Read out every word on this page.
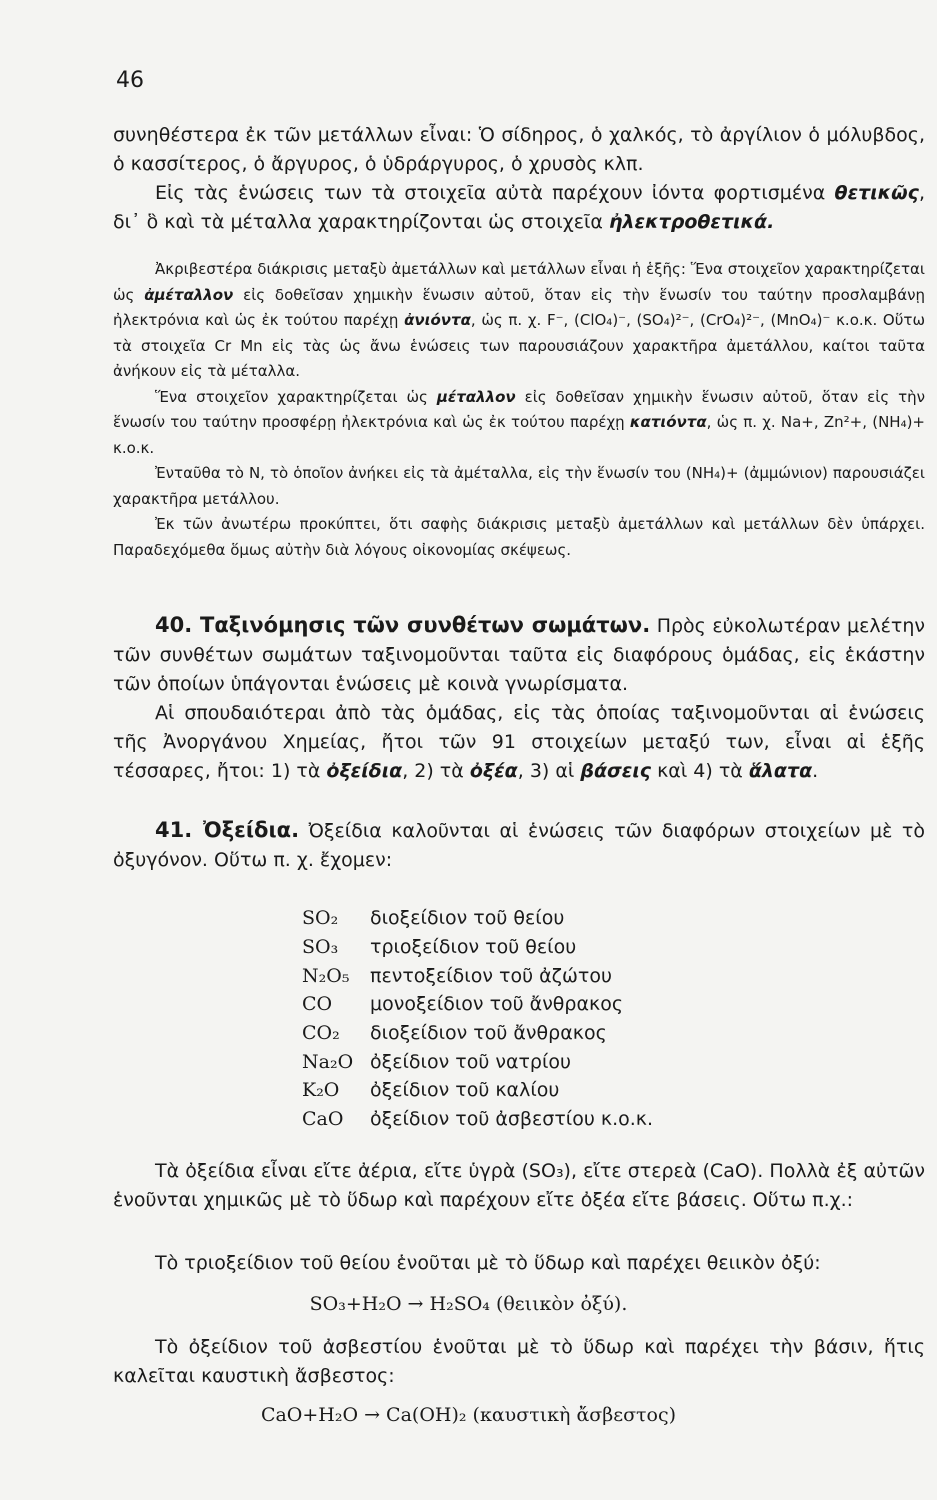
46

συνηθέστερα ἐκ τῶν μετάλλων εἶναι: Ὁ σίδηρος, ὁ χαλκός, τὸ ἀργίλιον ὁ μόλυβδος, ὁ κασσίτερος, ὁ ἄργυρος, ὁ ὑδράργυρος, ὁ χρυσὸς κλπ.

Εἰς τὰς ἑνώσεις των τὰ στοιχεῖα αὐτὰ παρέχουν ἰόντα φορτισμένα θετικῶς, δι᾽ ὃ καὶ τὰ μέταλλα χαρακτηρίζονται ὡς στοιχεῖα ἠλεκτροθετικά.

Ἀκριβεστέρα διάκρισις μεταξὺ ἀμετάλλων καὶ μετάλλων εἶναι ἡ ἑξῆς: Ἕνα στοιχεῖον χαρακτηρίζεται ὡς ἀμέταλλον εἰς δοθεῖσαν χημικὴν ἕνωσιν αὐτοῦ, ὅταν εἰς τὴν ἕνωσίν του ταύτην προσλαμβάνῃ ἠλεκτρόνια καὶ ὡς ἐκ τούτου παρέχῃ ἀνιόντα, ὡς π. χ. F⁻, (ClO₄)⁻, (SO₄)²⁻, (CrO₄)²⁻, (MnO₄)⁻ κ.ο.κ. Οὕτω τὰ στοιχεῖα Cr Mn εἰς τὰς ὡς ἄνω ἑνώσεις των παρουσιάζουν χαρακτῆρα ἀμετάλλου, καίτοι ταῦτα ἀνήκουν εἰς τὰ μέταλλα.

Ἕνα στοιχεῖον χαρακτηρίζεται ὡς μέταλλον εἰς δοθεῖσαν χημικὴν ἕνωσιν αὐτοῦ, ὅταν εἰς τὴν ἕνωσίν του ταύτην προσφέρῃ ἠλεκτρόνια καὶ ὡς ἐκ τούτου παρέχῃ κατιόντα, ὡς π. χ. Na+, Zn²+, (NH₄)+ κ.ο.κ.

Ἐνταῦθα τὸ N, τὸ ὁποῖον ἀνήκει εἰς τὰ ἀμέταλλα, εἰς τὴν ἕνωσίν του (NH₄)+ (ἀμμώνιον) παρουσιάζει χαρακτῆρα μετάλλου.

Ἐκ τῶν ἀνωτέρω προκύπτει, ὅτι σαφὴς διάκρισις μεταξὺ ἀμετάλλων καὶ μετάλλων δὲν ὑπάρχει. Παραδεχόμεθα ὅμως αὐτὴν διὰ λόγους οἰκονομίας σκέψεως.

40. Ταξινόμησις τῶν συνθέτων σωμάτων. Πρὸς εὐκολωτέραν μελέτην τῶν συνθέτων σωμάτων ταξινομοῦνται ταῦτα εἰς διαφόρους ὁμάδας, εἰς ἑκάστην τῶν ὁποίων ὑπάγονται ἑνώσεις μὲ κοινὰ γνωρίσματα.

Αἱ σπουδαιότεραι ἀπὸ τὰς ὁμάδας, εἰς τὰς ὁποίας ταξινομοῦνται αἱ ἑνώσεις τῆς Ἀνοργάνου Χημείας, ἤτοι τῶν 91 στοιχείων μεταξύ των, εἶναι αἱ ἑξῆς τέσσαρες, ἤτοι: 1) τὰ ὀξείδια, 2) τὰ ὀξέα, 3) αἱ βάσεις καὶ 4) τὰ ἅλατα.

41. Ὀξείδια. Ὀξείδια καλοῦνται αἱ ἑνώσεις τῶν διαφόρων στοιχείων μὲ τὸ ὀξυγόνον. Οὕτω π. χ. ἔχομεν:

SO₂	διοξείδιον τοῦ θείου
SO₃	τριοξείδιον τοῦ θείου
N₂O₅	πεντοξείδιον τοῦ ἀζώτου
CO	μονοξείδιον τοῦ ἄνθρακος
CO₂	διοξείδιον τοῦ ἄνθρακος
Na₂O ὀξείδιον τοῦ νατρίου
K₂O	ὀξείδιον τοῦ καλίου
CaO	ὀξείδιον τοῦ ἀσβεστίου κ.ο.κ.

Τὰ ὀξείδια εἶναι εἴτε ἀέρια, εἴτε ὑγρὰ (SO₃), εἴτε στερεὰ (CaO). Πολλὰ ἐξ αὐτῶν ἑνοῦνται χημικῶς μὲ τὸ ὕδωρ καὶ παρέχουν εἴτε ὀξέα εἴτε βάσεις. Οὕτω π.χ.:

Τὸ τριοξείδιον τοῦ θείου ἑνοῦται μὲ τὸ ὕδωρ καὶ παρέχει θειικὸν ὀξύ:

SO₃+H₂O → H₂SO₄ (θειικὸν ὀξύ).

Τὸ ὀξείδιον τοῦ ἀσβεστίου ἑνοῦται μὲ τὸ ὕδωρ καὶ παρέχει τὴν βάσιν, ἥτις καλεῖται καυστικὴ ἄσβεστος:

CaO+H₂O → Ca(OH)₂ (καυστικὴ ἄσβεστος)
